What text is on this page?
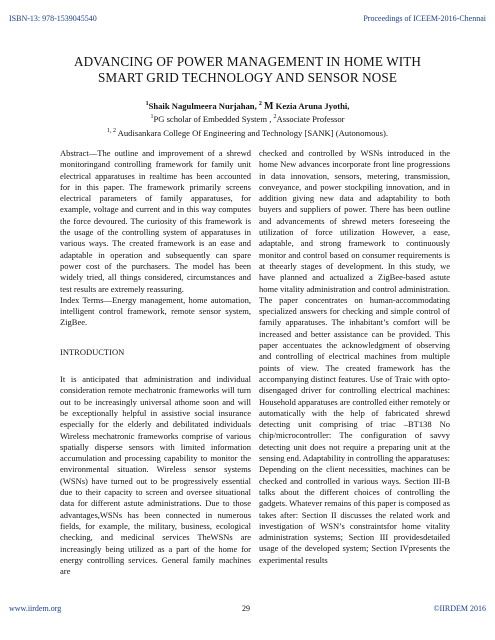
ISBN-13: 978-1539045540	Proceedings of ICEEM-2016-Chennai
ADVANCING OF POWER MANAGEMENT IN HOME WITH
SMART GRID TECHNOLOGY AND SENSOR NOSE
$^1$Shaik Nagulmeera Nurjahan, $^2$ M Kezia Aruna Jyothi,
$^1$PG scholar of Embedded System , $^2$Associate Professor
$^{1, 2}$ Audisankara College Of Engineering and Technology [SANK] (Autonomous).

Abstract—The outline and improvement of a shrewd monitoringand controlling framework for family unit electrical apparatuses in realtime has been accounted for in this paper. The framework primarily screens electrical parameters of family apparatuses, for example, voltage and current and in this way computes the force devoured. The curiosity of this framework is the usage of the controlling system of apparatuses in various ways. The created framework is an ease and adaptable in operation and subsequently can spare power cost of the purchasers. The model has been widely tried, all things considered, circumstances and test results are extremely reassuring.

Index Terms—Energy management, home automation, intelligent control framework, remote sensor system, ZigBee.

INTRODUCTION

It is anticipated that administration and individual consideration remote mechatronic frameworks will turn out to be increasingly universal athome soon and will be exceptionally helpful in assistive social insurance especially for the elderly and debilitated individuals Wireless mechatronic frameworks comprise of various spatially disperse sensors with limited information accumulation and processing capability to monitor the environmental situation. Wireless sensor systems (WSNs) have turned out to be progressively essential due to their capacity to screen and oversee situational data for different astute administrations. Due to those advantages,WSNs has been connected in numerous fields, for example, the military, business, ecological checking, and medicinal services TheWSNs are increasingly being utilized as a part of the home for energy controlling services. General family machines are

checked and controlled by WSNs introduced in the home New advances incorporate front line progressions in data innovation, sensors, metering, transmission, conveyance, and power stockpiling innovation, and in addition giving new data and adaptability to both buyers and suppliers of power. There has been outline and advancements of shrewd meters foreseeing the utilization of force utilization However, a ease, adaptable, and strong framework to continuously monitor and control based on consumer requirements is at theearly stages of development. In this study, we have planned and actualized a ZigBee-based astute home vitality administration and control administration. The paper concentrates on human-accommodating specialized answers for checking and simple control of family apparatuses. The inhabitant’s comfort will be increased and better assistance can be provided. This paper accentuates the acknowledgment of observing and controlling of electrical machines from multiple points of view. The created framework has the accompanying distinct features. Use of Traic with opto-disengaged driver for controlling electrical machines: Household apparatuses are controlled either remotely or automatically with the help of fabricated shrewd detecting unit comprising of triac –BT138 No chip/microcontroller: The configuration of savvy detecting unit does not require a preparing unit at the sensing end. Adaptability in controlling the apparatuses: Depending on the client necessities, machines can be checked and controlled in various ways. Section III-B talks about the different choices of controlling the gadgets. Whatever remains of this paper is composed as takes after: Section II discusses the related work and investigation of WSN’s constraintsfor home vitality administration systems; Section III providesdetailed usage of the developed system; Section IVpresents the experimental results

www.iirdem.org	29	©IIRDEM 2016
